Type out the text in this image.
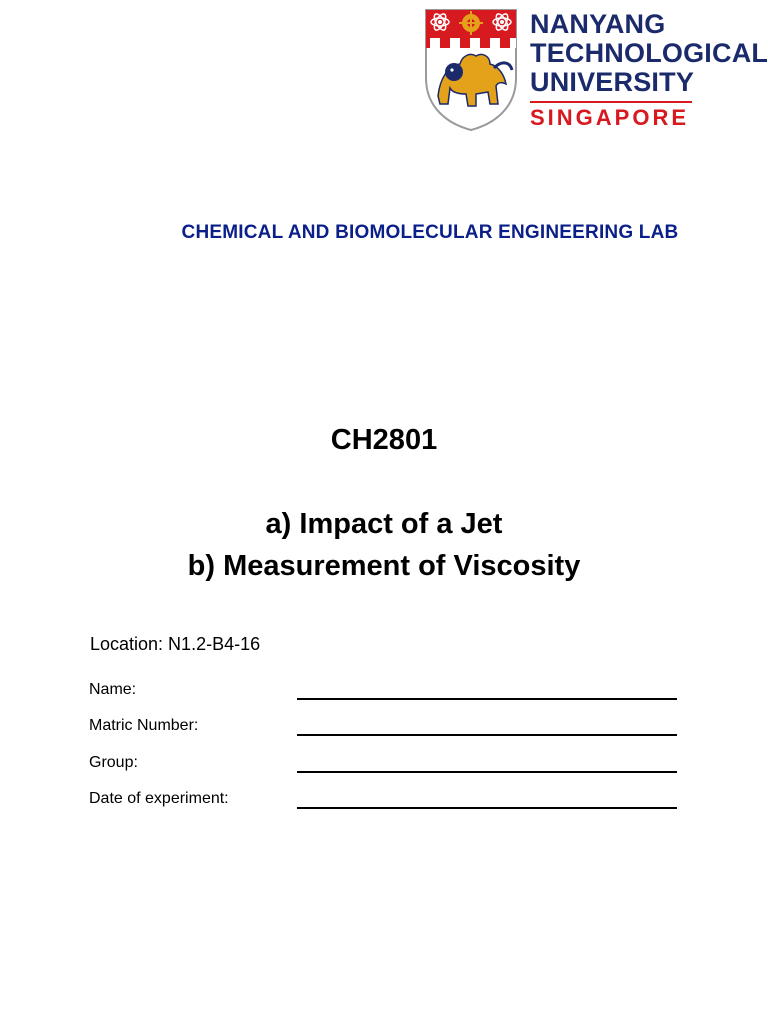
NANYANG
TECHNOLOGICAL
UNIVERSITY
SINGAPORE
CHEMICAL AND BIOMOLECULAR ENGINEERING LAB
CH2801
a) Impact of a Jet
b) Measurement of Viscosity
Location: N1.2-B4-16
Name:
Matric Number:
Group:
Date of experiment:
